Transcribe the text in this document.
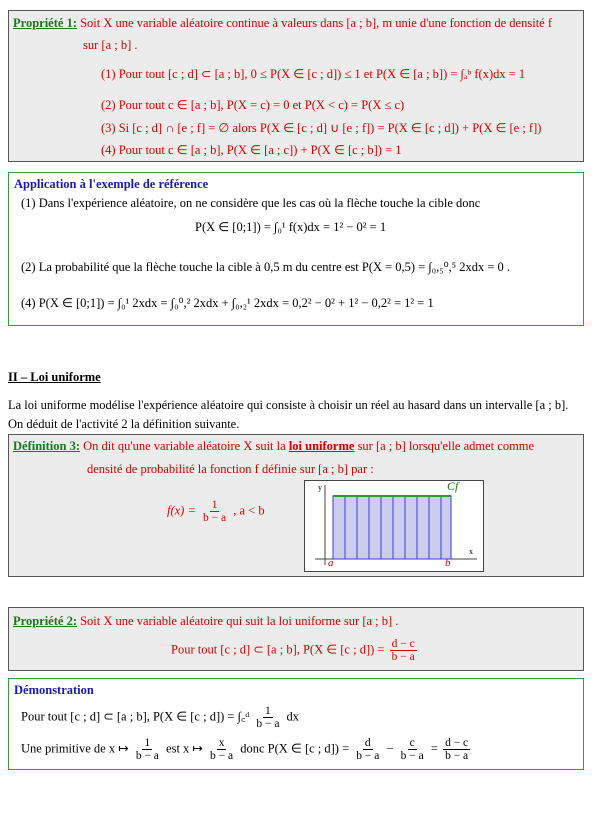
Propriété 1: Soit X une variable aléatoire continue à valeurs dans [a ; b], m unie d'une fonction de densité f
sur [a ; b] .
(1) Pour tout [c ; d] ⊂ [a ; b], 0 ≤ P(X ∈ [c ; d]) ≤ 1 et P(X ∈ [a ; b]) = ∫ₐᵇ f(x)dx = 1
(2) Pour tout c ∈ [a ; b], P(X = c) = 0 et P(X < c) = P(X ≤ c)
(3) Si [c ; d] ∩ [e ; f] = ∅ alors P(X ∈ [c ; d] ∪ [e ; f]) = P(X ∈ [c ; d]) + P(X ∈ [e ; f])
(4) Pour tout c ∈ [a ; b], P(X ∈ [a ; c]) + P(X ∈ [c ; b]) = 1
Application à l'exemple de référence
(1) Dans l'expérience aléatoire, on ne considère que les cas où la flèche touche la cible donc
P(X ∈ [0;1]) = ∫₀¹ f(x)dx = 1² − 0² = 1
(2) La probabilité que la flèche touche la cible à 0,5 m du centre est P(X = 0,5) = ∫₀,₅⁰,⁵ 2xdx = 0 .
(4) P(X ∈ [0;1]) = ∫₀¹ 2xdx = ∫₀⁰,² 2xdx + ∫₀,₂¹ 2xdx = 0,2² − 0² + 1² − 0,2² = 1² = 1
II – Loi uniforme
La loi uniforme modélise l'expérience aléatoire qui consiste à choisir un réel au hasard dans un intervalle [a ; b].
On déduit de l'activité 2 la définition suivante.
Définition 3: On dit qu'une variable aléatoire X suit la loi uniforme sur [a ; b] lorsqu'elle admet comme
densité de probabilité la fonction f définie sur [a ; b] par :
$f(x) = \frac{1}{b - a}$ , a < b
Cf
a	b
x
y
Propriété 2: Soit X une variable aléatoire qui suit la loi uniforme sur [a ; b] .
Pour tout [c ; d] ⊂ [a ; b], P(X ∈ [c ; $d]) = \frac{d - c}{b - a}$
Démonstration
Pour tout [c ; d] ⊂ [a ; b], P(X ∈ [c ; d]) = ∫꜀ᵈ $\frac{1}{b - a}$ dx
Une primitive de x ↦ $\frac{1}{b - a}$ est x ↦ $\frac{x}{b - a}$ donc P(X ∈ [c ; $d]) = \frac{d}{b - a} - \frac{c}{b - a} = \frac{d - c}{b - a}$
